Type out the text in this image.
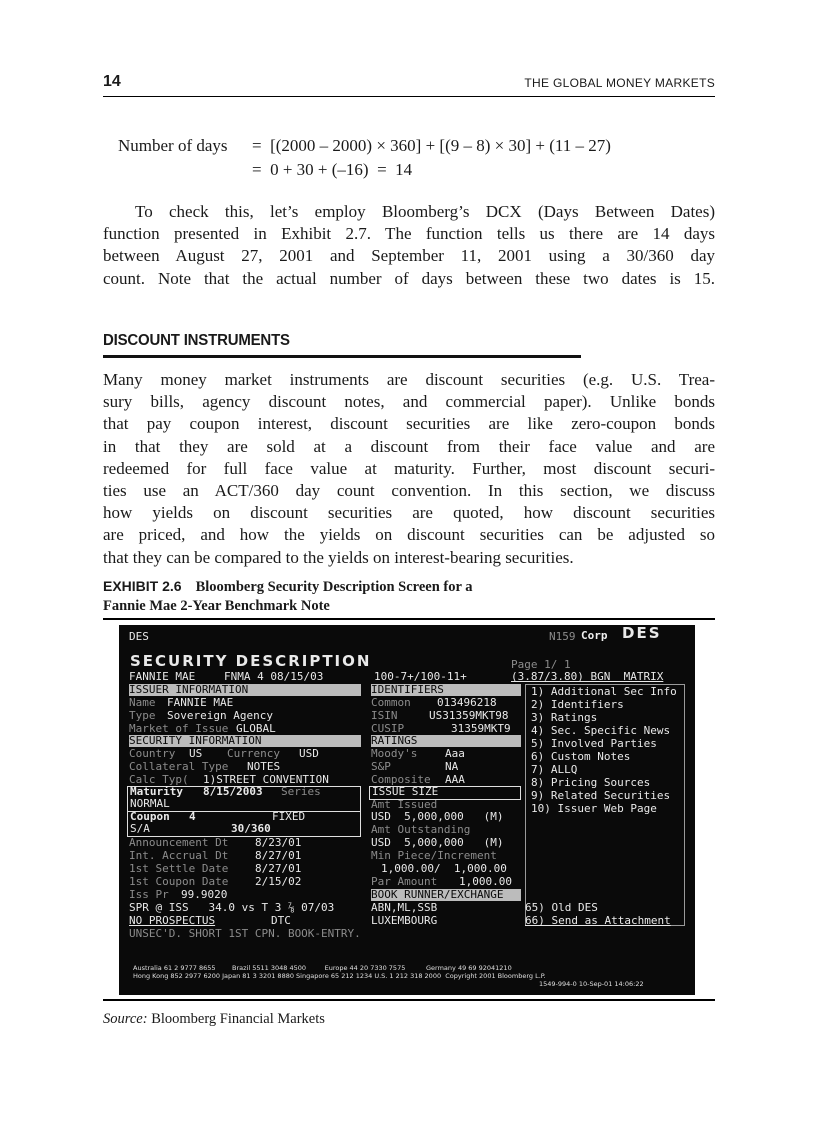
14	THE GLOBAL MONEY MARKETS
Number of days =  [(2000 – 2000) × 360] + [(9 – 8) × 30] + (11 – 27)
=  0 + 30 + (–16)  =  14
To check this, let’s employ Bloomberg’s DCX (Days Between Dates)
function presented in Exhibit 2.7. The function tells us there are 14 days
between August 27, 2001 and September 11, 2001 using a 30/360 day
count. Note that the actual number of days between these two dates is 15.
DISCOUNT INSTRUMENTS
Many money market instruments are discount securities (e.g. U.S. Trea-
sury bills, agency discount notes, and commercial paper). Unlike bonds
that pay coupon interest, discount securities are like zero-coupon bonds
in that they are sold at a discount from their face value and are
redeemed for full face value at maturity. Further, most discount securi-
ties use an ACT/360 day count convention. In this section, we discuss
how yields on discount securities are quoted, how discount securities
are priced, and how the yields on discount securities can be adjusted so
that they can be compared to the yields on interest-bearing securities.
EXHIBIT 2.6 Bloomberg Security Description Screen for a
Fannie Mae 2-Year Benchmark Note
DES	N159 Corp DES
SECURITY DESCRIPTION	Page 1/ 1
FANNIE MAE	FNMA 4 08/15/03	100-7+/100-11+	(3.87/3.80) BGN  MATRIX
ISSUER INFORMATION
Name FANNIE MAE
Type Sovereign Agency
Market of Issue GLOBAL
SECURITY INFORMATION
Country US Currency USD
Collateral Type NOTES
Calc Typ( 1)STREET CONVENTION
Maturity 8/15/2003 Series
NORMAL
Coupon 4	FIXED
S/A	30/360
Announcement Dt 8/23/01
Int. Accrual Dt 8/27/01
1st Settle Date 8/27/01
1st Coupon Date 2/15/02
Iss Pr 99.9020
SPR @ ISS   34.0 vs T 3 ⅞ 07/03
NO PROSPECTUS	DTC
UNSEC'D. SHORT 1ST CPN. BOOK-ENTRY.
IDENTIFIERS
Common 013496218
ISIN	US31359MKT98
CUSIP	31359MKT9
RATINGS
Moody's	Aaa
S&P	NA
Composite AAA
ISSUE SIZE
Amt Issued
USD  5,000,000   (M)
Amt Outstanding
USD  5,000,000   (M)
Min Piece/Increment
1,000.00/  1,000.00
Par Amount 1,000.00
BOOK RUNNER/EXCHANGE
ABN,ML,SSB
LUXEMBOURG
1) Additional Sec Info
2) Identifiers
3) Ratings
4) Sec. Specific News
5) Involved Parties
6) Custom Notes
7) ALLQ
8) Pricing Sources
9) Related Securities
10) Issuer Web Page
65) Old DES
66) Send as Attachment
Australia 61 2 9777 8655        Brazil 5511 3048 4500         Europe 44 20 7330 7575          Germany 49 69 92041210
Hong Kong 852 2977 6200 Japan 81 3 3201 8880 Singapore 65 212 1234 U.S. 1 212 318 2000  Copyright 2001 Bloomberg L.P.
1549-994-0 10-Sep-01 14:06:22
Source: Bloomberg Financial Markets
